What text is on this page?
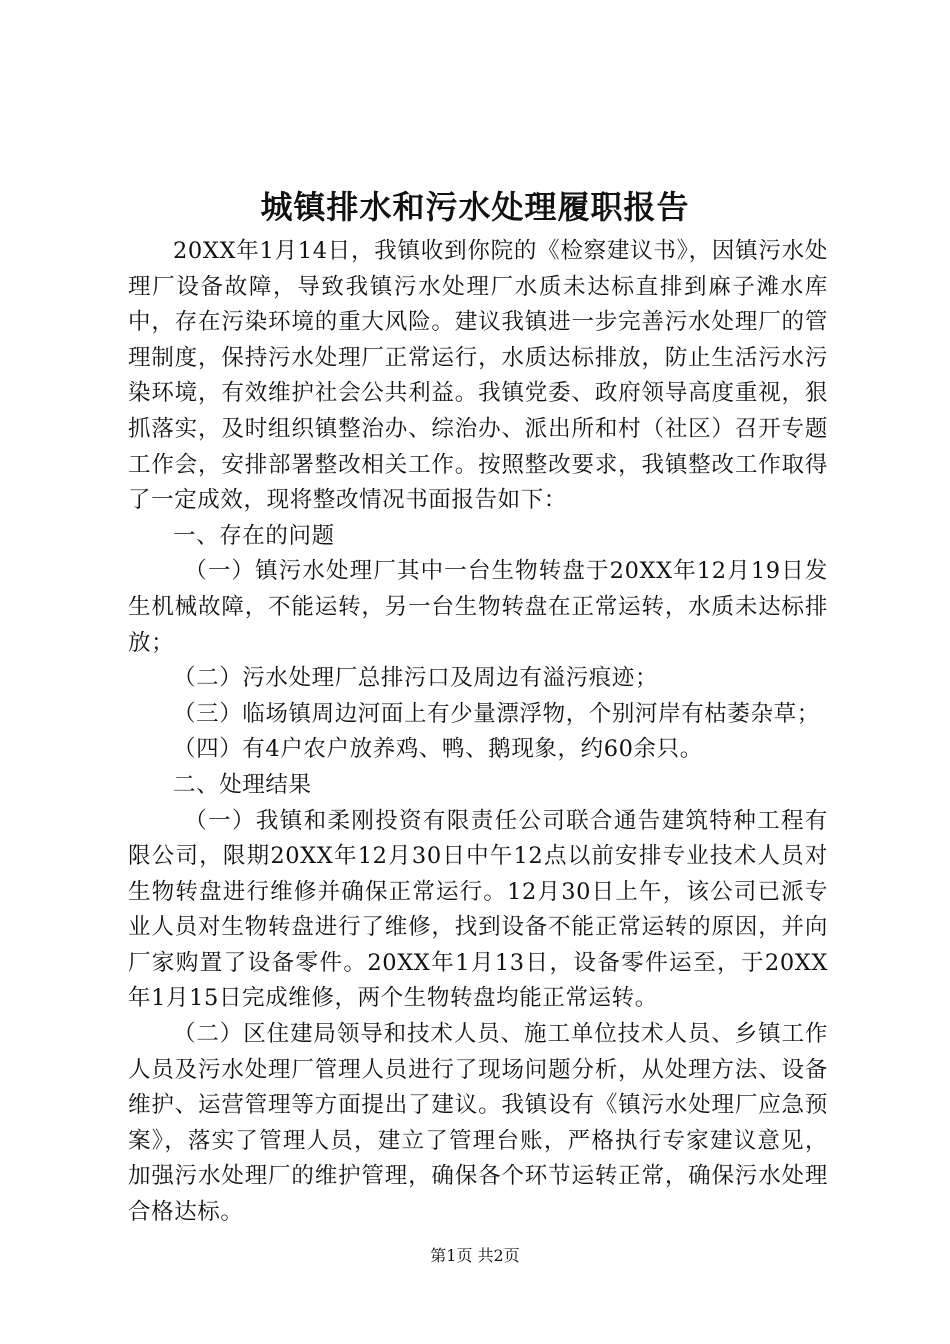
城镇排水和污水处理履职报告

20XX年1月14日，我镇收到你院的《检察建议书》，因镇污水处理厂设备故障，导致我镇污水处理厂水质未达标直排到麻子滩水库中，存在污染环境的重大风险。建议我镇进一步完善污水处理厂的管理制度，保持污水处理厂正常运行，水质达标排放，防止生活污水污染环境，有效维护社会公共利益。我镇党委、政府领导高度重视，狠抓落实，及时组织镇整治办、综治办、派出所和村（社区）召开专题工作会，安排部署整改相关工作。按照整改要求，我镇整改工作取得了一定成效，现将整改情况书面报告如下：

一、存在的问题

（一）镇污水处理厂其中一台生物转盘于20XX年12月19日发生机械故障，不能运转，另一台生物转盘在正常运转，水质未达标排放；

（二）污水处理厂总排污口及周边有溢污痕迹；

（三）临场镇周边河面上有少量漂浮物，个别河岸有枯萎杂草；

（四）有4户农户放养鸡、鸭、鹅现象，约60余只。

二、处理结果

（一）我镇和柔刚投资有限责任公司联合通告建筑特种工程有限公司，限期20XX年12月30日中午12点以前安排专业技术人员对生物转盘进行维修并确保正常运行。12月30日上午，该公司已派专业人员对生物转盘进行了维修，找到设备不能正常运转的原因，并向厂家购置了设备零件。20XX年1月13日，设备零件运至，于20XX年1月15日完成维修，两个生物转盘均能正常运转。

（二）区住建局领导和技术人员、施工单位技术人员、乡镇工作人员及污水处理厂管理人员进行了现场问题分析，从处理方法、设备维护、运营管理等方面提出了建议。我镇设有《镇污水处理厂应急预案》，落实了管理人员，建立了管理台账，严格执行专家建议意见，加强污水处理厂的维护管理，确保各个环节运转正常，确保污水处理合格达标。

第1页 共2页
